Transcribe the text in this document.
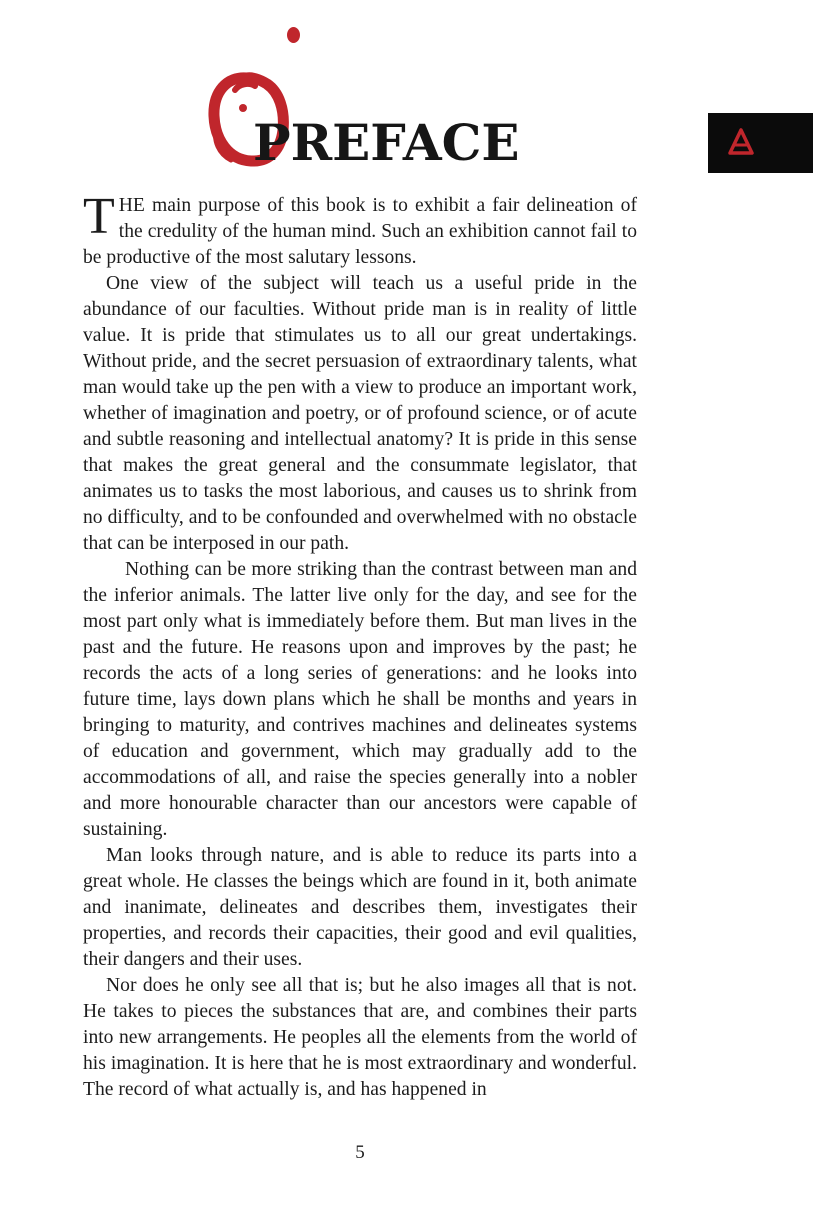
PREFACE

THE main purpose of this book is to exhibit a fair delineation of the credulity of the human mind. Such an exhibition cannot fail to be productive of the most salutary lessons.

One view of the subject will teach us a useful pride in the abundance of our faculties. Without pride man is in reality of little value. It is pride that stimulates us to all our great undertakings. Without pride, and the secret persuasion of extraordinary talents, what man would take up the pen with a view to produce an important work, whether of imagination and poetry, or of profound science, or of acute and subtle reasoning and intellectual anatomy? It is pride in this sense that makes the great general and the consummate legislator, that animates us to tasks the most laborious, and causes us to shrink from no difficulty, and to be confounded and overwhelmed with no obstacle that can be interposed in our path.

Nothing can be more striking than the contrast between man and the inferior animals. The latter live only for the day, and see for the most part only what is immediately before them. But man lives in the past and the future. He reasons upon and improves by the past; he records the acts of a long series of generations: and he looks into future time, lays down plans which he shall be months and years in bringing to maturity, and contrives machines and delineates systems of education and government, which may gradually add to the accommodations of all, and raise the species generally into a nobler and more honourable character than our ancestors were capable of sustaining.

Man looks through nature, and is able to reduce its parts into a great whole. He classes the beings which are found in it, both animate and inanimate, delineates and describes them, investigates their properties, and records their capacities, their good and evil qualities, their dangers and their uses.

Nor does he only see all that is; but he also images all that is not. He takes to pieces the substances that are, and combines their parts into new arrangements. He peoples all the elements from the world of his imagination. It is here that he is most extraordinary and wonderful. The record of what actually is, and has happened in

5
